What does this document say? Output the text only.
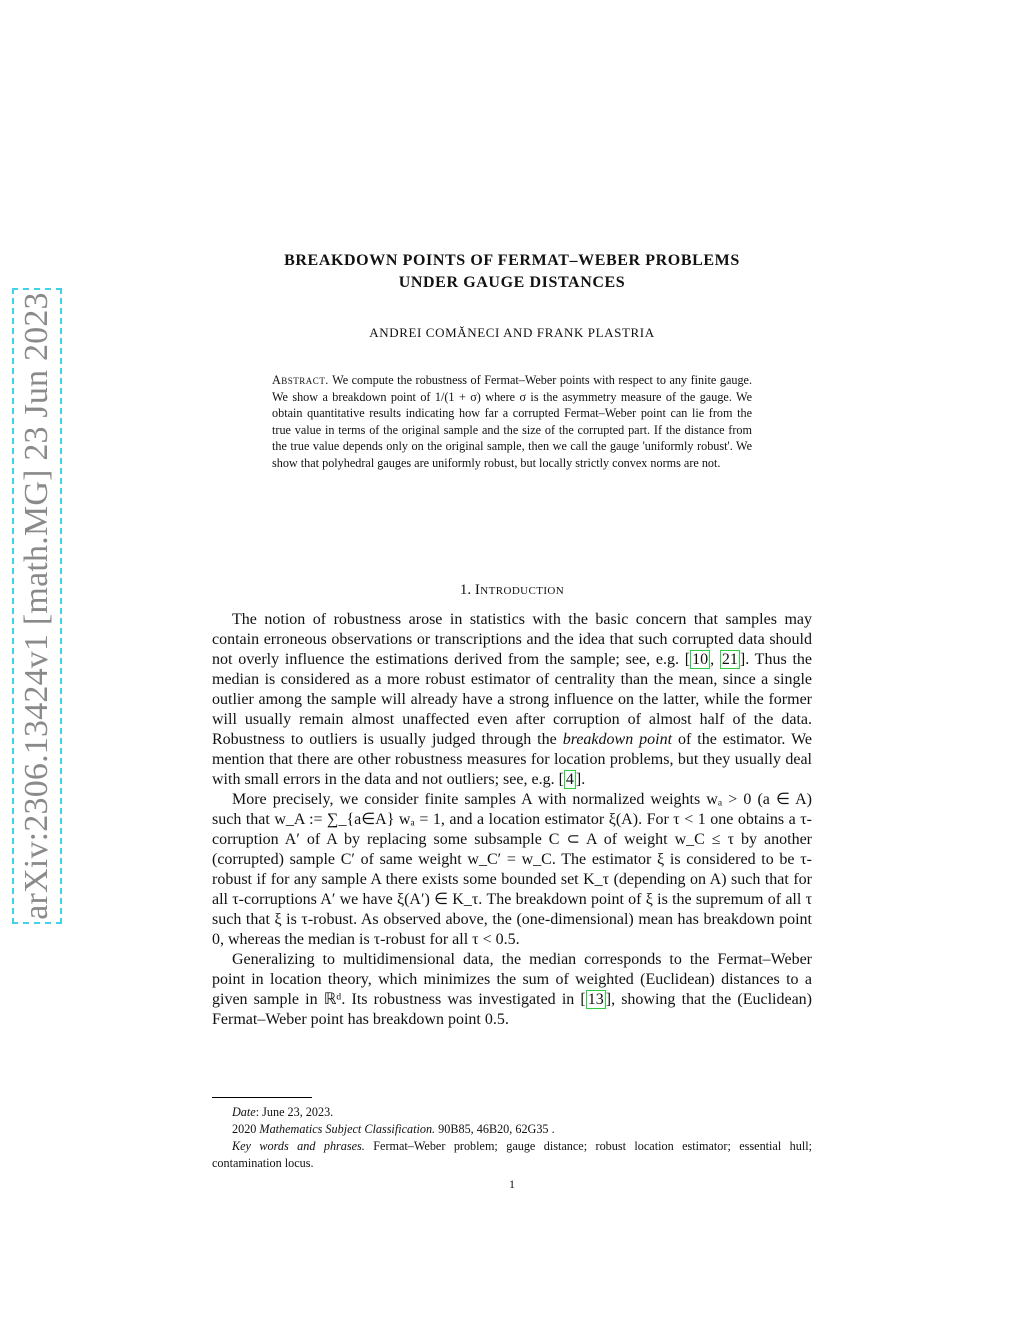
arXiv:2306.13424v1 [math.MG] 23 Jun 2023
BREAKDOWN POINTS OF FERMAT–WEBER PROBLEMS
UNDER GAUGE DISTANCES
ANDREI COMĂNECI AND FRANK PLASTRIA
Abstract. We compute the robustness of Fermat–Weber points with respect to any finite gauge. We show a breakdown point of 1/(1 + σ) where σ is the asymmetry measure of the gauge. We obtain quantitative results indicating how far a corrupted Fermat–Weber point can lie from the true value in terms of the original sample and the size of the corrupted part. If the distance from the true value depends only on the original sample, then we call the gauge 'uniformly robust'. We show that polyhedral gauges are uniformly robust, but locally strictly convex norms are not.
1. Introduction

The notion of robustness arose in statistics with the basic concern that samples may contain erroneous observations or transcriptions and the idea that such corrupted data should not overly influence the estimations derived from the sample; see, e.g. [ 10 , 21 ]. Thus the median is considered as a more robust estimator of centrality than the mean, since a single outlier among the sample will already have a strong influence on the latter, while the former will usually remain almost unaffected even after corruption of almost half of the data. Robustness to outliers is usually judged through the breakdown point of the estimator. We mention that there are other robustness measures for location problems, but they usually deal with small errors in the data and not outliers; see, e.g. [ 4 ].

More precisely, we consider finite samples A with normalized weights wₐ > 0 (a ∈ A) such that w_A := ∑_{a∈A} wₐ = 1, and a location estimator ξ(A). For τ < 1 one obtains a τ-corruption A′ of A by replacing some subsample C ⊂ A of weight w_C ≤ τ by another (corrupted) sample C′ of same weight w_C′ = w_C. The estimator ξ is considered to be τ-robust if for any sample A there exists some bounded set K_τ (depending on A) such that for all τ-corruptions A′ we have ξ(A′) ∈ K_τ. The breakdown point of ξ is the supremum of all τ such that ξ is τ-robust. As observed above, the (one-dimensional) mean has breakdown point 0, whereas the median is τ-robust for all τ < 0.5.

Generalizing to multidimensional data, the median corresponds to the Fermat–Weber point in location theory, which minimizes the sum of weighted (Euclidean) distances to a given sample in ℝᵈ. Its robustness was investigated in [ 13 ], showing that the (Euclidean) Fermat–Weber point has breakdown point 0.5.

Date: June 23, 2023.

2020 Mathematics Subject Classification. 90B85, 46B20, 62G35 .

Key words and phrases. Fermat–Weber problem; gauge distance; robust location estimator; essential hull; contamination locus.

1
